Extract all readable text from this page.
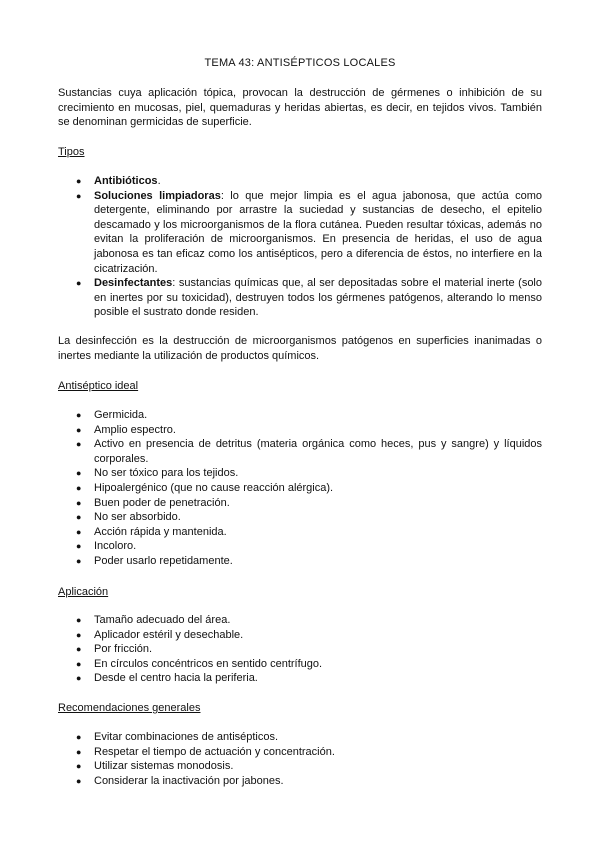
TEMA 43: ANTISÉPTICOS LOCALES

Sustancias cuya aplicación tópica, provocan la destrucción de gérmenes o inhibición de su crecimiento en mucosas, piel, quemaduras y heridas abiertas, es decir, en tejidos vivos. También se denominan germicidas de superficie.

Tipos

● Antibióticos.
● Soluciones limpiadoras: lo que mejor limpia es el agua jabonosa, que actúa como detergente, eliminando por arrastre la suciedad y sustancias de desecho, el epitelio descamado y los microorganismos de la flora cutánea. Pueden resultar tóxicas, además no evitan la proliferación de microorganismos. En presencia de heridas, el uso de agua jabonosa es tan eficaz como los antisépticos, pero a diferencia de éstos, no interfiere en la cicatrización.
● Desinfectantes: sustancias químicas que, al ser depositadas sobre el material inerte (solo en inertes por su toxicidad), destruyen todos los gérmenes patógenos, alterando lo menso posible el sustrato donde residen.

La desinfección es la destrucción de microorganismos patógenos en superficies inanimadas o inertes mediante la utilización de productos químicos.

Antiséptico ideal

● Germicida.
● Amplio espectro.
● Activo en presencia de detritus (materia orgánica como heces, pus y sangre) y líquidos corporales.
● No ser tóxico para los tejidos.
● Hipoalergénico (que no cause reacción alérgica).
● Buen poder de penetración.
● No ser absorbido.
● Acción rápida y mantenida.
● Incoloro.
● Poder usarlo repetidamente.

Aplicación

● Tamaño adecuado del área.
● Aplicador estéril y desechable.
● Por fricción.
● En círculos concéntricos en sentido centrífugo.
● Desde el centro hacia la periferia.

Recomendaciones generales

● Evitar combinaciones de antisépticos.
● Respetar el tiempo de actuación y concentración.
● Utilizar sistemas monodosis.
● Considerar la inactivación por jabones.
